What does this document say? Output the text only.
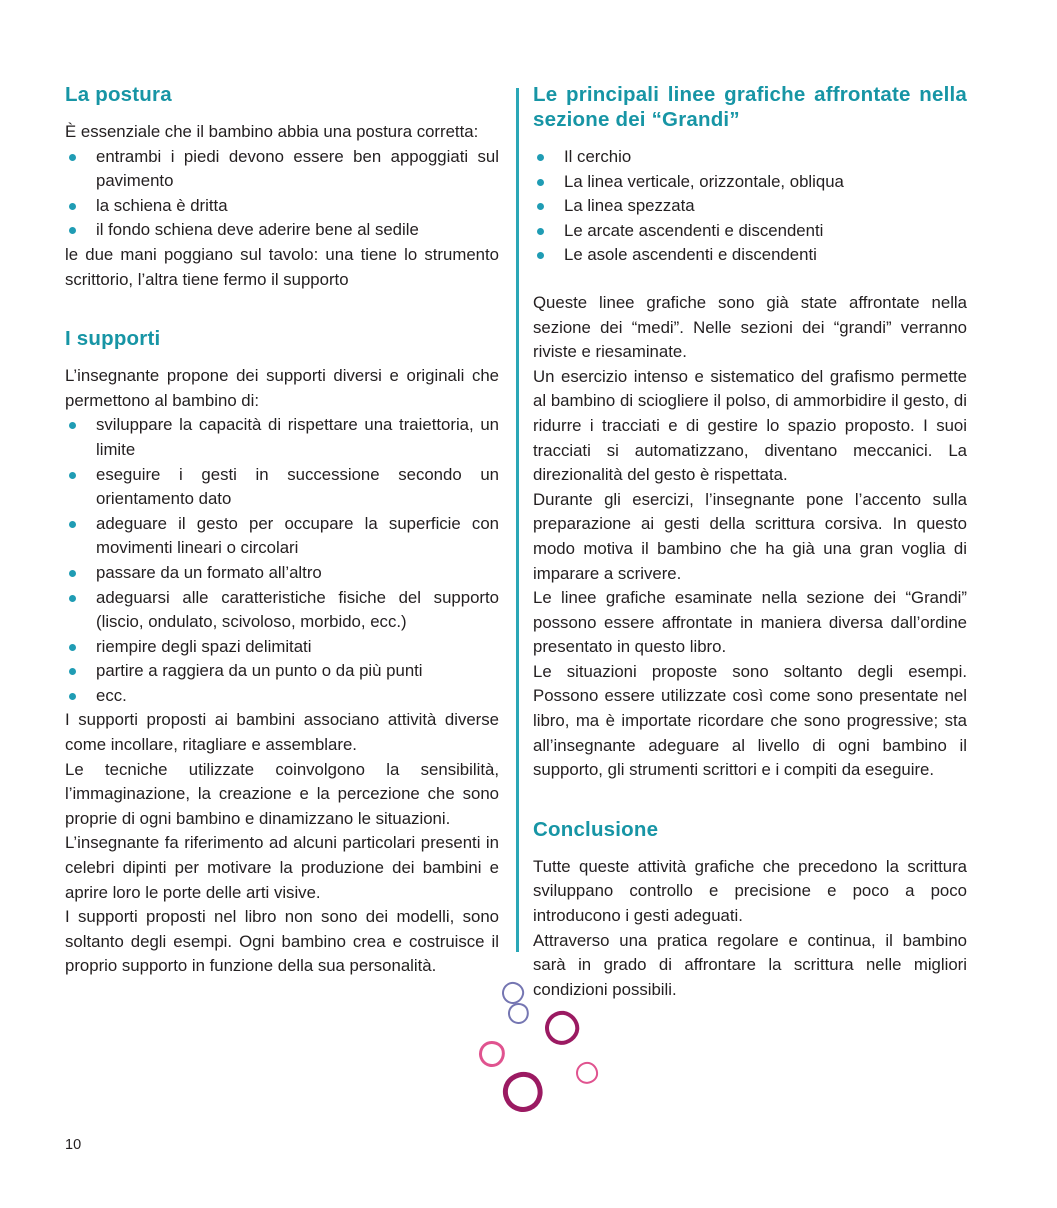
La postura

È essenziale che il bambino abbia una postura corretta:

entrambi i piedi devono essere ben appoggiati sul pavimento
la schiena è dritta
il fondo schiena deve aderire bene al sedile

le due mani poggiano sul tavolo: una tiene lo strumento scrittorio, l’altra tiene fermo il supporto

I supporti

L’insegnante propone dei supporti diversi e originali che permettono al bambino di:

sviluppare la capacità di rispettare una traiettoria, un limite
eseguire i gesti in successione secondo un orientamento dato
adeguare il gesto per occupare la superficie con movimenti lineari o circolari
passare da un formato all’altro
adeguarsi alle caratteristiche fisiche del supporto (liscio, ondulato, scivoloso, morbido, ecc.)
riempire degli spazi delimitati
partire a raggiera da un punto o da più punti
ecc.

I supporti proposti ai bambini associano attività diverse come incollare, ritagliare e assemblare.

Le tecniche utilizzate coinvolgono la sensibilità, l’immaginazione, la creazione e la percezione che sono proprie di ogni bambino e dinamizzano le situazioni.

L’insegnante fa riferimento ad alcuni particolari presenti in celebri dipinti per motivare la produzione dei bambini e aprire loro le porte delle arti visive.

I supporti proposti nel libro non sono dei modelli, sono soltanto degli esempi. Ogni bambino crea e costruisce il proprio supporto in funzione della sua personalità.

Le principali linee grafiche affrontate nella sezione dei “Grandi”
Il cerchio
La linea verticale, orizzontale, obliqua
La linea spezzata
Le arcate ascendenti e discendenti
Le asole ascendenti e discendenti

Queste linee grafiche sono già state affrontate nella sezione dei “medi”. Nelle sezioni dei “grandi” verranno riviste e riesaminate.

Un esercizio intenso e sistematico del grafismo permette al bambino di sciogliere il polso, di ammorbidire il gesto, di ridurre i tracciati e di gestire lo spazio proposto. I suoi tracciati si automatizzano, diventano meccanici. La direzionalità del gesto è rispettata.

Durante gli esercizi, l’insegnante pone l’accento sulla preparazione ai gesti della scrittura corsiva. In questo modo motiva il bambino che ha già una gran voglia di imparare a scrivere.

Le linee grafiche esaminate nella sezione dei “Grandi” possono essere affrontate in maniera diversa dall’ordine presentato in questo libro.

Le situazioni proposte sono soltanto degli esempi. Possono essere utilizzate così come sono presentate nel libro, ma è importate ricordare che sono progressive; sta all’insegnante adeguare al livello di ogni bambino il supporto, gli strumenti scrittori e i compiti da eseguire.

Conclusione

Tutte queste attività grafiche che precedono la scrittura sviluppano controllo e precisione e poco a poco introducono i gesti adeguati.

Attraverso una pratica regolare e continua, il bambino sarà in grado di affrontare la scrittura nelle migliori condizioni possibili.

10
